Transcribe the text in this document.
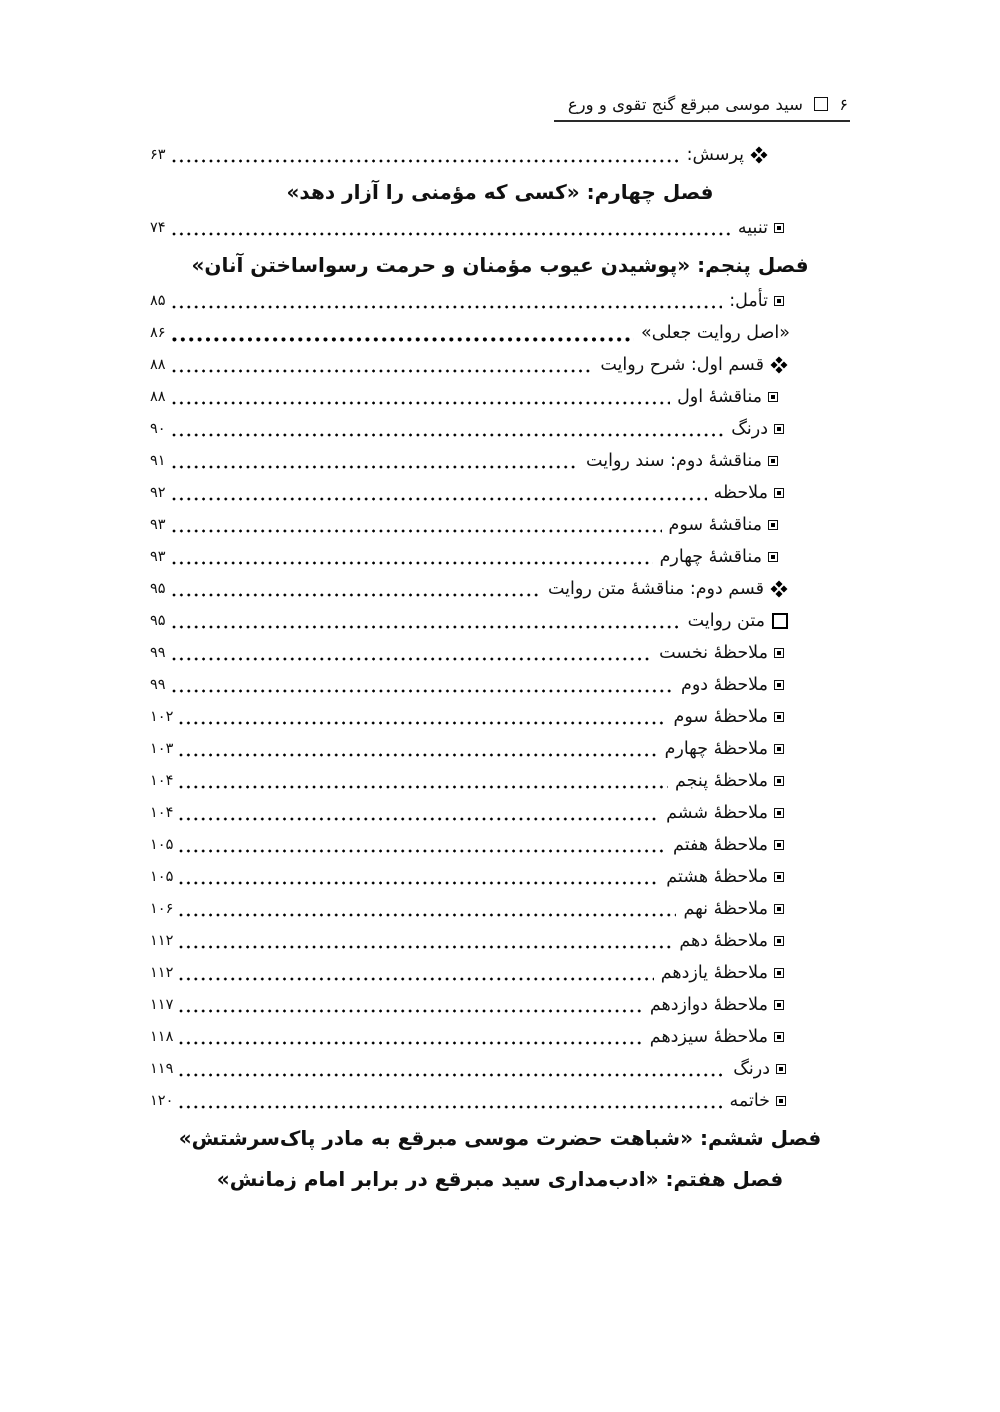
۶  سید موسی مبرقع گنج تقوی و ورع
پرسش:
۶۳
فصل چهارم: «کسی که مؤمنی را آزار دهد»
تنبیه
۷۴
فصل پنجم: «پوشیدن عیوب مؤمنان و حرمت رسواساختن آنان»
تأمل:
۸۵
«اصل روایت جعلی»
۸۶
قسم اول: شرح روایت
۸۸
مناقشۀ اول
۸۸
درنگ
۹۰
مناقشۀ دوم: سند روایت
۹۱
ملاحظه
۹۲
مناقشۀ سوم
۹۳
مناقشۀ چهارم
۹۳
قسم دوم: مناقشۀ متن روایت
۹۵
متن روایت
۹۵
ملاحظۀ نخست
۹۹
ملاحظۀ دوم
۹۹
ملاحظۀ سوم
۱۰۲
ملاحظۀ چهارم
۱۰۳
ملاحظۀ پنجم
۱۰۴
ملاحظۀ ششم
۱۰۴
ملاحظۀ هفتم
۱۰۵
ملاحظۀ هشتم
۱۰۵
ملاحظۀ نهم
۱۰۶
ملاحظۀ دهم
۱۱۲
ملاحظۀ یازدهم
۱۱۲
ملاحظۀ دوازدهم
۱۱۷
ملاحظۀ سیزدهم
۱۱۸
درنگ
۱۱۹
خاتمه
۱۲۰
فصل ششم: «شباهت حضرت موسی مبرقع به مادر پاک‌سرشتش»
فصل هفتم: «ادب‌مداری سید مبرقع در برابر امام زمانش»
